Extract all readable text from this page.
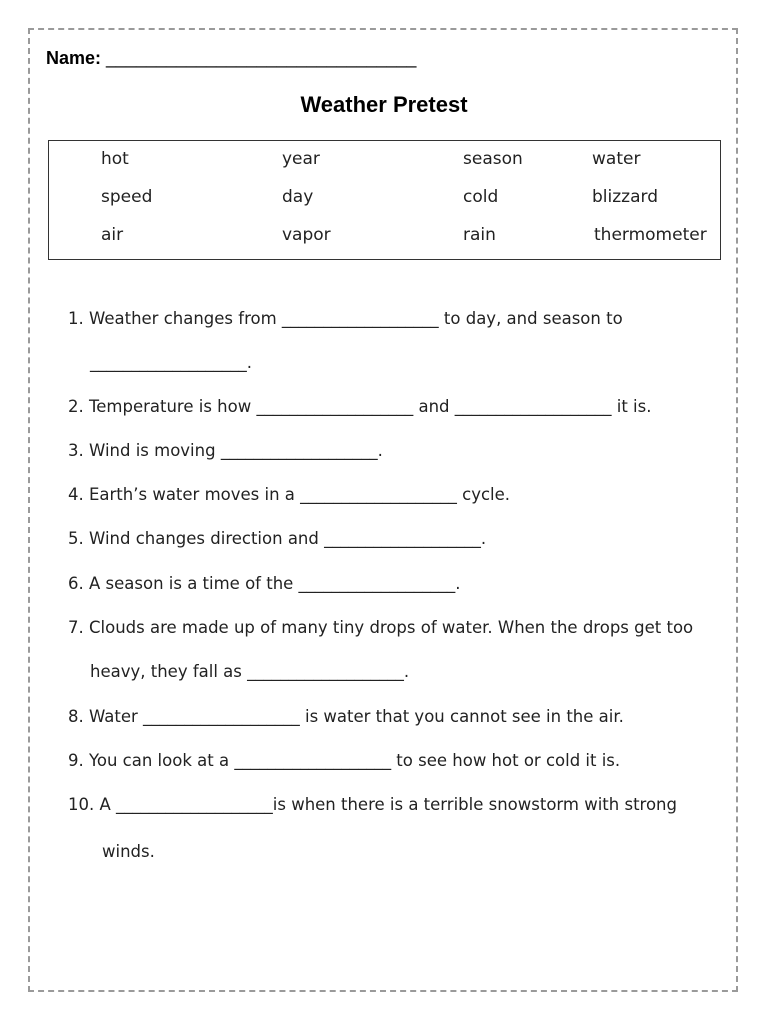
Name: _______________________________
Weather Pretest
hot	year	season	water
speed	day	cold	blizzard
air	vapor	rain	thermometer
1. Weather changes from ___________________ to day, and season to
___________________.
2. Temperature is how ___________________ and ___________________ it is.
3. Wind is moving ___________________.
4. Earth’s water moves in a ___________________ cycle.
5. Wind changes direction and ___________________.
6. A season is a time of the ___________________.
7. Clouds are made up of many tiny drops of water. When the drops get too
heavy, they fall as ___________________.
8. Water ___________________ is water that you cannot see in the air.
9. You can look at a ___________________ to see how hot or cold it is.
10. A ___________________is when there is a terrible snowstorm with strong
winds.
